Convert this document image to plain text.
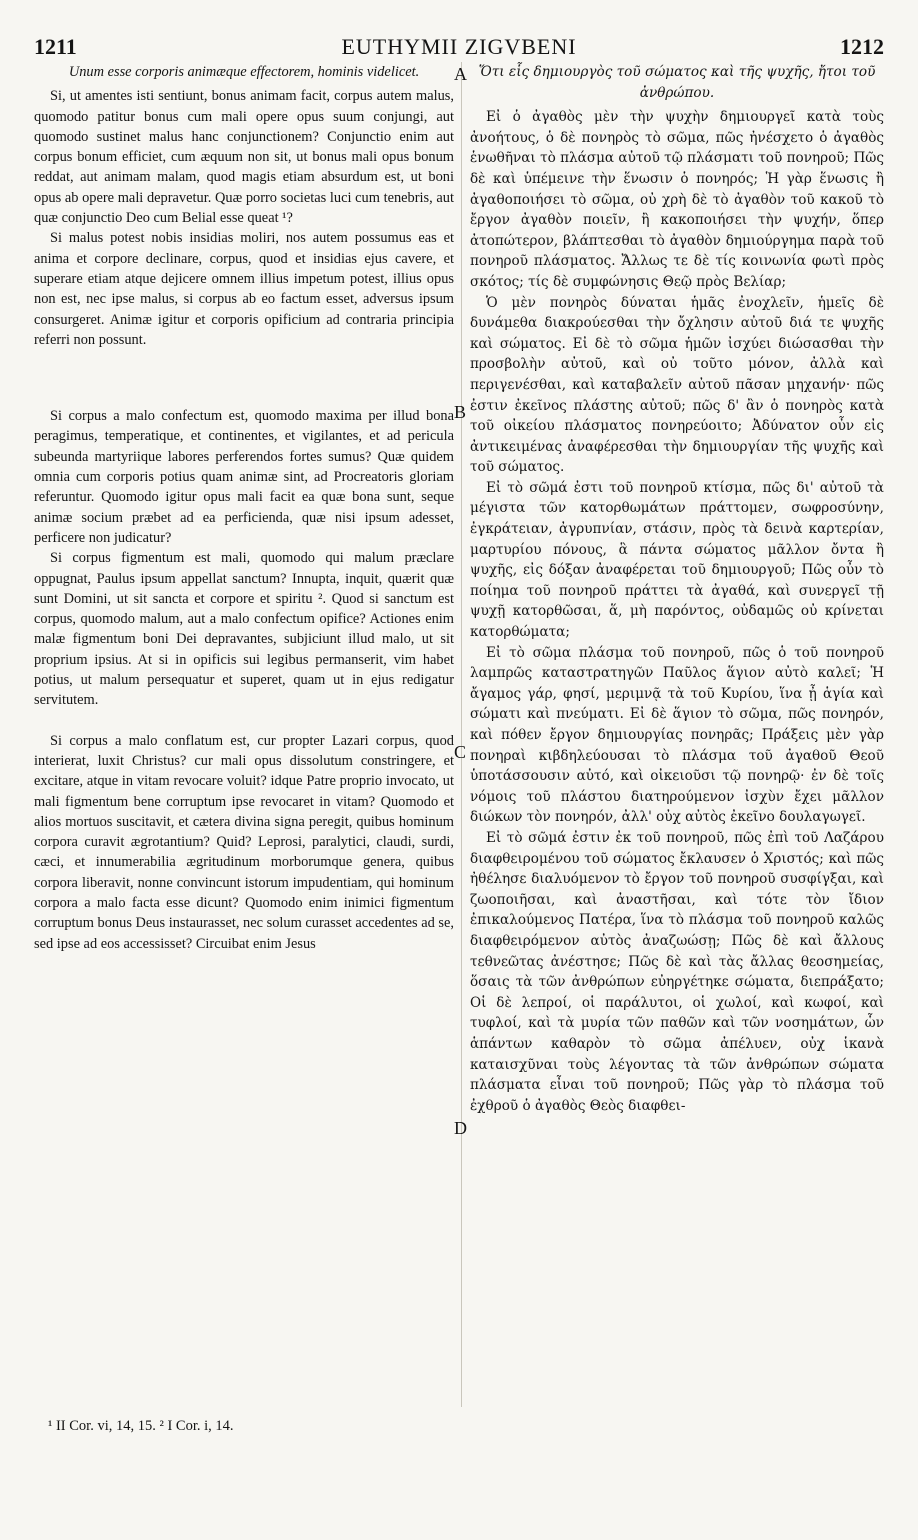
1211	EUTHYMII ZIGVBENI	1212

Unum esse corporis animæque effectorem, hominis videlicet.

Si, ut amentes isti sentiunt, bonus animam facit, corpus autem malus, quomodo patitur bonus cum mali opere opus suum conjungi, aut quomodo sustinet malus hanc conjunctionem? Conjunctio enim aut corpus bonum efficiet, cum æquum non sit, ut bonus mali opus bonum reddat, aut animam malam, quod magis etiam absurdum est, ut boni opus ab opere mali depravetur. Quæ porro societas luci cum tenebris, aut quæ conjunctio Deo cum Belial esse queat ¹?

Si malus potest nobis insidias moliri, nos autem possumus eas et anima et corpore declinare, corpus, quod et insidias ejus cavere, et superare etiam atque dejicere omnem illius impetum potest, illius opus non est, nec ipse malus, si corpus ab eo factum esset, adversus ipsum consurgeret. Animæ igitur et corporis opificium ad contraria principia referri non possunt.

Si corpus a malo confectum est, quomodo maxima per illud bona peragimus, temperatique, et continentes, et vigilantes, et ad pericula subeunda martyriique labores perferendos fortes sumus? Quæ quidem omnia cum corporis potius quam animæ sint, ad Procreatoris gloriam referuntur. Quomodo igitur opus mali facit ea quæ bona sunt, seque animæ socium præbet ad ea perficienda, quæ nisi ipsum adesset, perficere non judicatur?

Si corpus figmentum est mali, quomodo qui malum præclare oppugnat, Paulus ipsum appellat sanctum? Innupta, inquit, quærit quæ sunt Domini, ut sit sancta et corpore et spiritu ². Quod si sanctum est corpus, quomodo malum, aut a malo confectum opifice? Actiones enim malæ figmentum boni Dei depravantes, subjiciunt illud malo, ut sit proprium ipsius. At si in opificis sui legibus permanserit, vim habet potius, ut malum persequatur et superet, quam ut in ejus redigatur servitutem.

Si corpus a malo conflatum est, cur propter Lazari corpus, quod interierat, luxit Christus? cur mali opus dissolutum constringere, et excitare, atque in vitam revocare voluit? idque Patre proprio invocato, ut mali figmentum bene corruptum ipse revocaret in vitam? Quomodo et alios mortuos suscitavit, et cætera divina signa peregit, quibus hominum corpora curavit ægrotantium? Quid? Leprosi, paralytici, claudi, surdi, cæci, et innumerabilia ægritudinum morborumque genera, quibus corpora liberavit, nonne convincunt istorum impudentiam, qui hominum corpora a malo facta esse dicunt? Quomodo enim inimici figmentum corruptum bonus Deus instaurasset, nec solum curasset accedentes ad se, sed ipse ad eos accessisset? Circuibat enim Jesus

A
B
C
D

Ὅτι εἷς δημιουργὸς τοῦ σώματος καὶ τῆς ψυχῆς, ἤτοι τοῦ ἀνθρώπου.

Εἰ ὁ ἀγαθὸς μὲν τὴν ψυχὴν δημιουργεῖ κατὰ τοὺς ἀνοήτους, ὁ δὲ πονηρὸς τὸ σῶμα, πῶς ἠνέσχετο ὁ ἀγαθὸς ἑνωθῆναι τὸ πλάσμα αὐτοῦ τῷ πλάσματι τοῦ πονηροῦ; Πῶς δὲ καὶ ὑπέμεινε τὴν ἕνωσιν ὁ πονηρός; Ἡ γὰρ ἕνωσις ἢ ἀγαθοποιήσει τὸ σῶμα, οὐ χρὴ δὲ τὸ ἀγαθὸν τοῦ κακοῦ τὸ ἔργον ἀγαθὸν ποιεῖν, ἢ κακοποιήσει τὴν ψυχήν, ὅπερ ἀτοπώτερον, βλάπτεσθαι τὸ ἀγαθὸν δημιούργημα παρὰ τοῦ πονηροῦ πλάσματος. Ἄλλως τε δὲ τίς κοινωνία φωτὶ πρὸς σκότος; τίς δὲ συμφώνησις Θεῷ πρὸς Βελίαρ;

Ὁ μὲν πονηρὸς δύναται ἡμᾶς ἐνοχλεῖν, ἡμεῖς δὲ δυνάμεθα διακρούεσθαι τὴν ὄχλησιν αὐτοῦ διά τε ψυχῆς καὶ σώματος. Εἰ δὲ τὸ σῶμα ἡμῶν ἰσχύει διώσασθαι τὴν προσβολὴν αὐτοῦ, καὶ οὐ τοῦτο μόνον, ἀλλὰ καὶ περιγενέσθαι, καὶ καταβαλεῖν αὐτοῦ πᾶσαν μηχανήν· πῶς ἐστιν ἐκεῖνος πλάστης αὐτοῦ; πῶς δ' ἂν ὁ πονηρὸς κατὰ τοῦ οἰκείου πλάσματος πονηρεύοιτο; Ἀδύνατον οὖν εἰς ἀντικειμένας ἀναφέρεσθαι τὴν δημιουργίαν τῆς ψυχῆς καὶ τοῦ σώματος.

Εἰ τὸ σῶμά ἐστι τοῦ πονηροῦ κτίσμα, πῶς δι' αὐτοῦ τὰ μέγιστα τῶν κατορθωμάτων πράττομεν, σωφροσύνην, ἐγκράτειαν, ἀγρυπνίαν, στάσιν, πρὸς τὰ δεινὰ καρτερίαν, μαρτυρίου πόνους, ἃ πάντα σώματος μᾶλλον ὄντα ἢ ψυχῆς, εἰς δόξαν ἀναφέρεται τοῦ δημιουργοῦ; Πῶς οὖν τὸ ποίημα τοῦ πονηροῦ πράττει τὰ ἀγαθά, καὶ συνεργεῖ τῇ ψυχῇ κατορθῶσαι, ἅ, μὴ παρόντος, οὐδαμῶς οὐ κρίνεται κατορθώματα;

Εἰ τὸ σῶμα πλάσμα τοῦ πονηροῦ, πῶς ὁ τοῦ πονηροῦ λαμπρῶς καταστρατηγῶν Παῦλος ἅγιον αὐτὸ καλεῖ; Ἡ ἄγαμος γάρ, φησί, μεριμνᾷ τὰ τοῦ Κυρίου, ἵνα ᾖ ἁγία καὶ σώματι καὶ πνεύματι. Εἰ δὲ ἅγιον τὸ σῶμα, πῶς πονηρόν, καὶ πόθεν ἔργον δημιουργίας πονηρᾶς; Πράξεις μὲν γὰρ πονηραὶ κιβδηλεύουσαι τὸ πλάσμα τοῦ ἀγαθοῦ Θεοῦ ὑποτάσσουσιν αὐτό, καὶ οἰκειοῦσι τῷ πονηρῷ· ἐν δὲ τοῖς νόμοις τοῦ πλάστου διατηρούμενον ἰσχὺν ἔχει μᾶλλον διώκων τὸν πονηρόν, ἀλλ' οὐχ αὐτὸς ἐκεῖνο δουλαγωγεῖ.

Εἰ τὸ σῶμά ἐστιν ἐκ τοῦ πονηροῦ, πῶς ἐπὶ τοῦ Λαζάρου διαφθειρομένου τοῦ σώματος ἔκλαυσεν ὁ Χριστός; καὶ πῶς ἠθέλησε διαλυόμενον τὸ ἔργον τοῦ πονηροῦ συσφίγξαι, καὶ ζωοποιῆσαι, καὶ ἀναστῆσαι, καὶ τότε τὸν ἴδιον ἐπικαλούμενος Πατέρα, ἵνα τὸ πλάσμα τοῦ πονηροῦ καλῶς διαφθειρόμενον αὐτὸς ἀναζωώσῃ; Πῶς δὲ καὶ ἄλλους τεθνεῶτας ἀνέστησε; Πῶς δὲ καὶ τὰς ἄλλας θεοσημείας, ὅσαις τὰ τῶν ἀνθρώπων εὐηργέτηκε σώματα, διεπράξατο; Οἱ δὲ λεπροί, οἱ παράλυτοι, οἱ χωλοί, καὶ κωφοί, καὶ τυφλοί, καὶ τὰ μυρία τῶν παθῶν καὶ τῶν νοσημάτων, ὧν ἁπάντων καθαρὸν τὸ σῶμα ἀπέλυεν, οὐχ ἱκανὰ καταισχῦναι τοὺς λέγοντας τὰ τῶν ἀνθρώπων σώματα πλάσματα εἶναι τοῦ πονηροῦ; Πῶς γὰρ τὸ πλάσμα τοῦ ἐχθροῦ ὁ ἀγαθὸς Θεὸς διαφθει-

¹ II Cor. vi, 14, 15. ² I Cor. i, 14.
